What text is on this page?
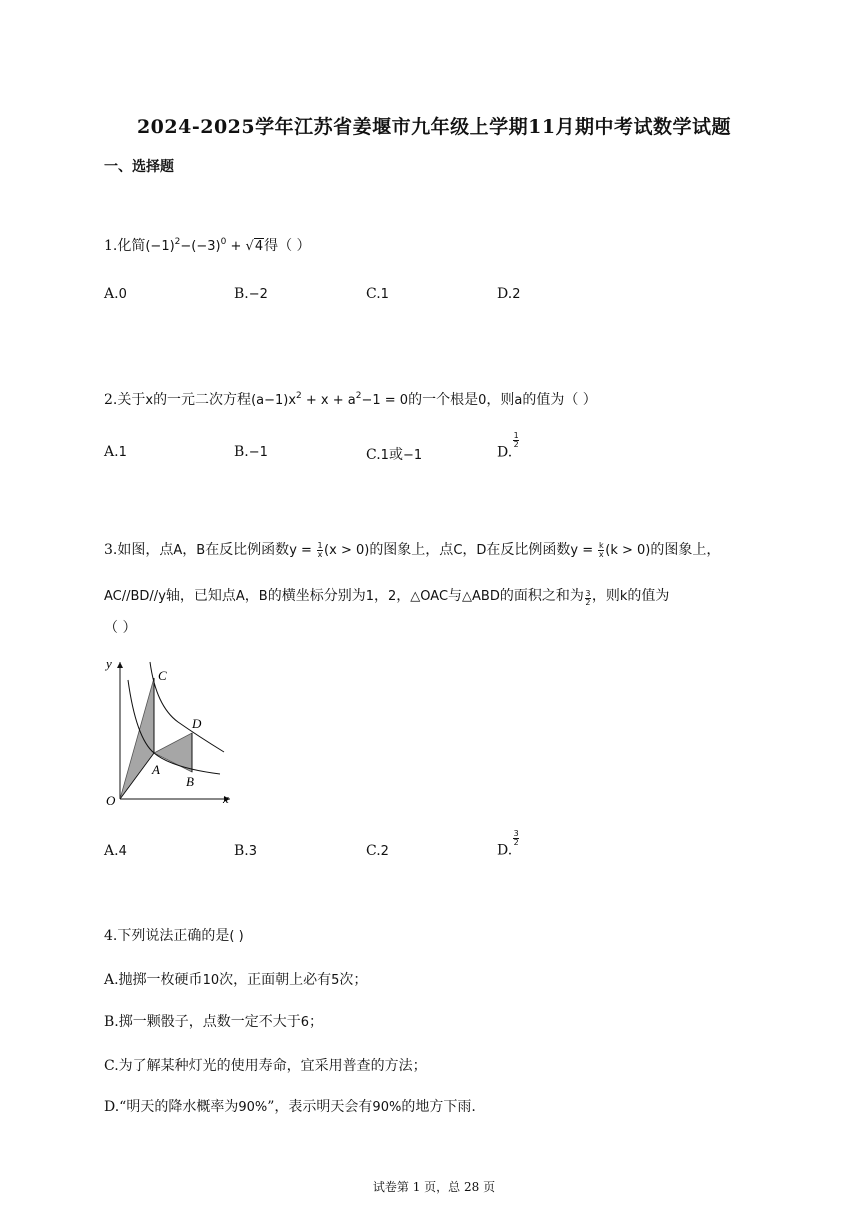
2024-2025学年江苏省姜堰市九年级上学期11月期中考试数学试题
一、选择题
1.化简$(-1)^2-(-3)^0 + √4$得（ ）
A.0	B.−2	C.1	D.2
2.关于x的一元二次方程$(a-1)x^2 + x + a^2-1 = 0$的一个根是0，则a的值为（ ）
A.1	B.−1	C.1或−1	D.
$\frac{1}{2}$
3.如图，点A，B在反比例函数$y = \frac{1}{x} (x > 0)$的图象上，点C，D在反比例函数$y = \frac{k}{x} (k > 0)$的图象上，
AC//BD//y轴，已知点A，B的横坐标分别为1，2，△OAC与△ABD的面积之和为 $\frac{3}{2}$ ，则k的值为
（ ）
y
x
O
C
D
A
B
A.4	B.3	C.2	D.
$\frac{3}{2}$
4.下列说法正确的是( )
A.抛掷一枚硬币10次，正面朝上必有5次；
B.掷一颗骰子，点数一定不大于6；
C.为了解某种灯光的使用寿命，宜采用普查的方法；
D.“明天的降水概率为90%”，表示明天会有90%的地方下雨.
试卷第 1 页，总 28 页
